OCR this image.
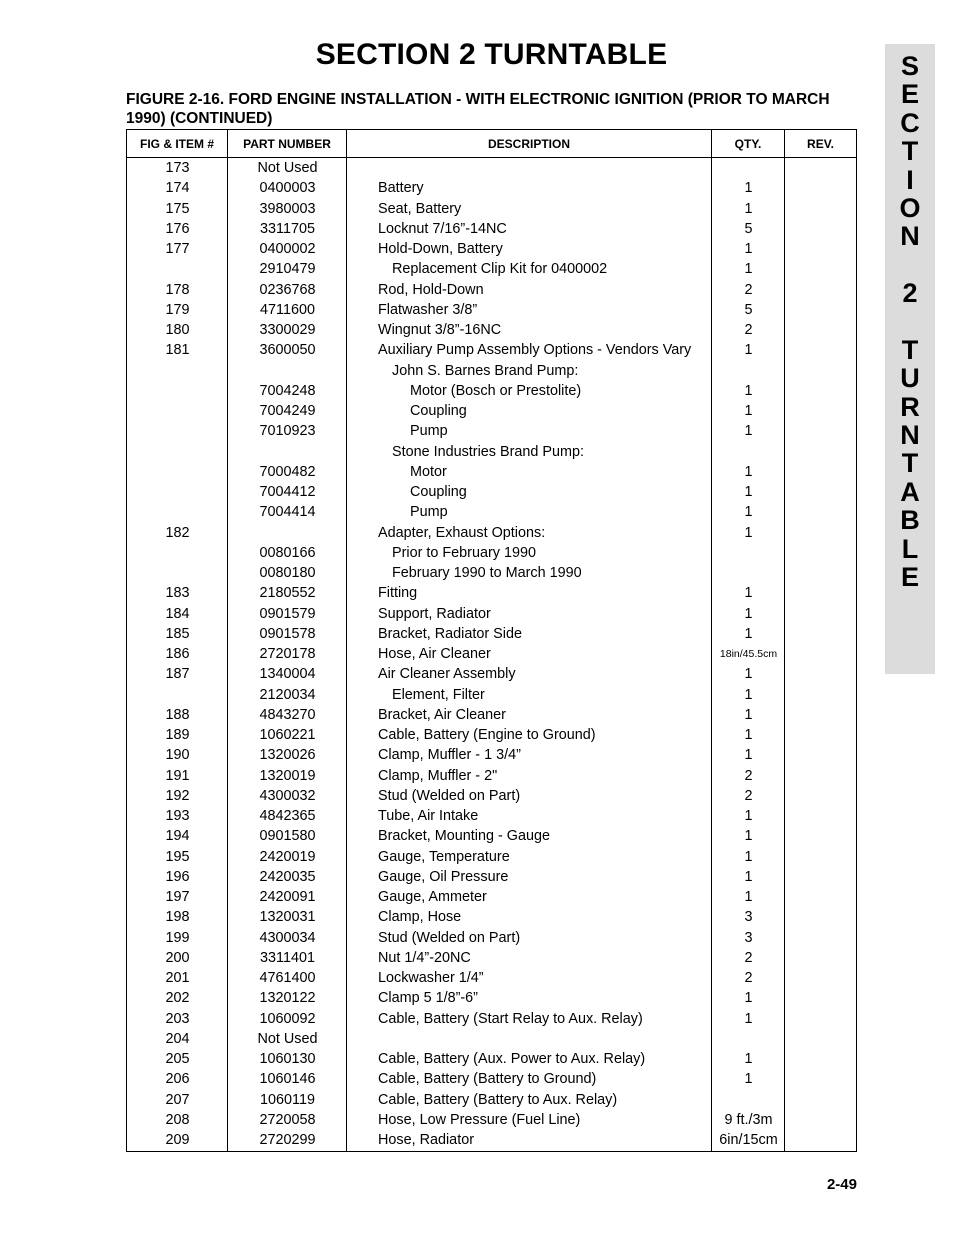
SECTION 2 TURNTABLE
FIGURE 2-16. FORD ENGINE INSTALLATION - WITH ELECTRONIC IGNITION (PRIOR TO MARCH 1990) (CONTINUED)
S
E
C
T
I
O
N
2
T
U
R
N
T
A
B
L
E
FIG & ITEM #	PART NUMBER	DESCRIPTION	QTY.	REV.
173	Not Used
174	0400003	Battery	1
175	3980003	Seat, Battery	1
176	3311705	Locknut 7/16”-14NC	5
177	0400002	Hold-Down, Battery	1
2910479	Replacement Clip Kit for 0400002	1
178	0236768	Rod, Hold-Down	2
179	4711600	Flatwasher 3/8”	5
180	3300029	Wingnut 3/8”-16NC	2
181	3600050	Auxiliary Pump Assembly Options - Vendors Vary	1
John S. Barnes Brand Pump:
7004248	Motor (Bosch or Prestolite)	1
7004249	Coupling	1
7010923	Pump	1
Stone Industries Brand Pump:
7000482	Motor	1
7004412	Coupling	1
7004414	Pump	1
182	Adapter, Exhaust Options:	1
0080166	Prior to February 1990
0080180	February 1990 to March 1990
183	2180552	Fitting	1
184	0901579	Support, Radiator	1
185	0901578	Bracket, Radiator Side	1
186	2720178	Hose, Air Cleaner	18in/45.5cm
187	1340004	Air Cleaner Assembly	1
2120034	Element, Filter	1
188	4843270	Bracket, Air Cleaner	1
189	1060221	Cable, Battery (Engine to Ground)	1
190	1320026	Clamp, Muffler - 1 3/4”	1
191	1320019	Clamp, Muffler - 2"	2
192	4300032	Stud (Welded on Part)	2
193	4842365	Tube, Air Intake	1
194	0901580	Bracket, Mounting - Gauge	1
195	2420019	Gauge, Temperature	1
196	2420035	Gauge, Oil Pressure	1
197	2420091	Gauge, Ammeter	1
198	1320031	Clamp, Hose	3
199	4300034	Stud (Welded on Part)	3
200	3311401	Nut 1/4”-20NC	2
201	4761400	Lockwasher 1/4”	2
202	1320122	Clamp 5 1/8”-6”	1
203	1060092	Cable, Battery (Start Relay to Aux. Relay)	1
204	Not Used
205	1060130	Cable, Battery (Aux. Power to Aux. Relay)	1
206	1060146	Cable, Battery (Battery to Ground)	1
207	1060119	Cable, Battery (Battery to Aux. Relay)
208	2720058	Hose, Low Pressure (Fuel Line)	9 ft./3m
209	2720299	Hose, Radiator	6in/15cm
2-49
